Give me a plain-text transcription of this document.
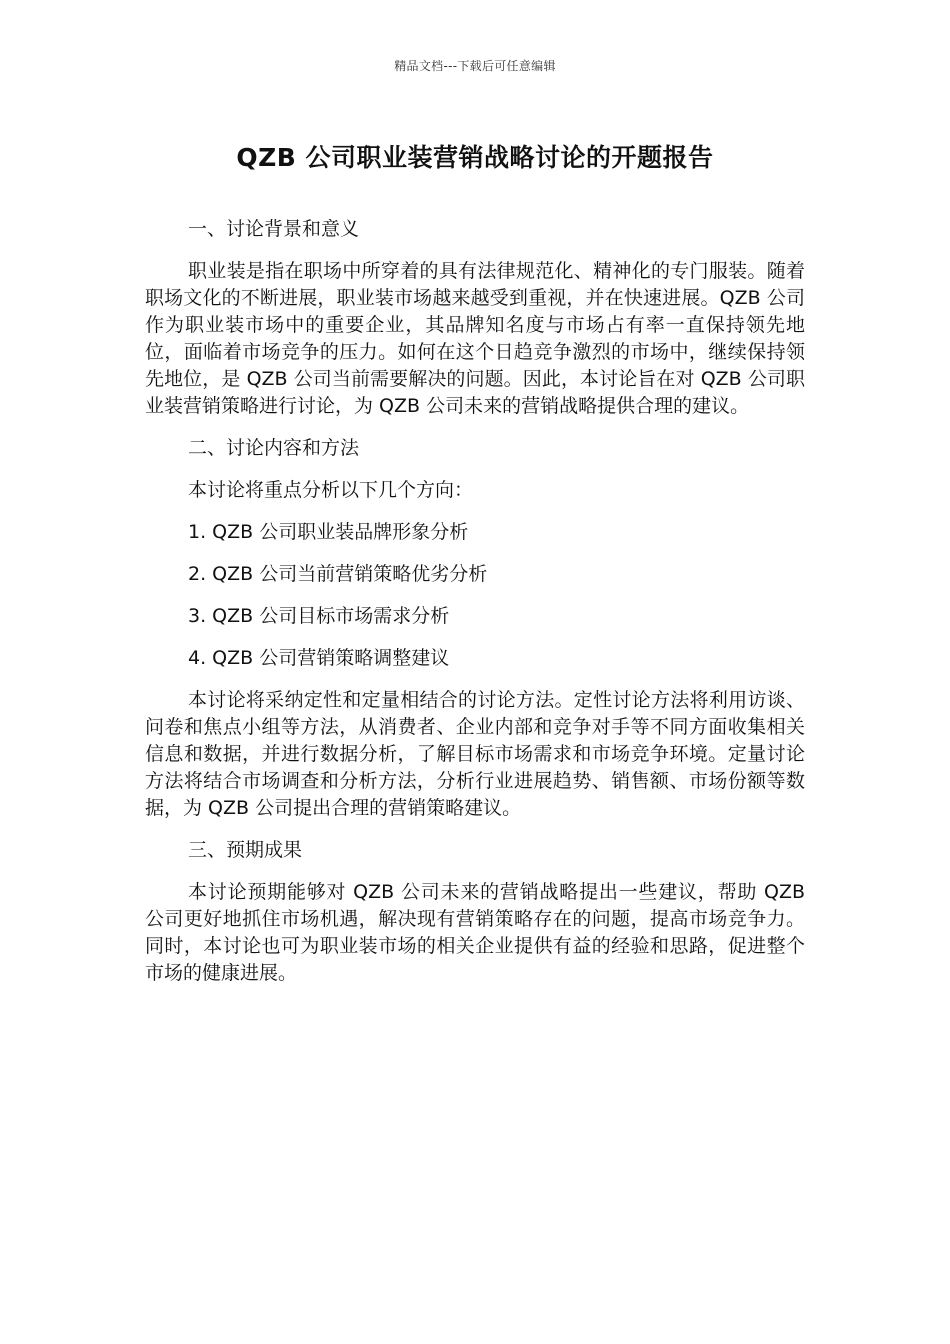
精品文档---下载后可任意编辑
QZB 公司职业装营销战略讨论的开题报告

一、讨论背景和意义

职业装是指在职场中所穿着的具有法律规范化、精神化的专门服装。随着职场文化的不断进展，职业装市场越来越受到重视，并在快速进展。QZB 公司作为职业装市场中的重要企业，其品牌知名度与市场占有率一直保持领先地位，面临着市场竞争的压力。如何在这个日趋竞争激烈的市场中，继续保持领先地位，是 QZB 公司当前需要解决的问题。因此，本讨论旨在对 QZB 公司职业装营销策略进行讨论，为 QZB 公司未来的营销战略提供合理的建议。

二、讨论内容和方法

本讨论将重点分析以下几个方向：

1. QZB 公司职业装品牌形象分析

2. QZB 公司当前营销策略优劣分析

3. QZB 公司目标市场需求分析

4. QZB 公司营销策略调整建议

本讨论将采纳定性和定量相结合的讨论方法。定性讨论方法将利用访谈、问卷和焦点小组等方法，从消费者、企业内部和竞争对手等不同方面收集相关信息和数据，并进行数据分析，了解目标市场需求和市场竞争环境。定量讨论方法将结合市场调查和分析方法，分析行业进展趋势、销售额、市场份额等数据，为 QZB 公司提出合理的营销策略建议。

三、预期成果

本讨论预期能够对 QZB 公司未来的营销战略提出一些建议，帮助 QZB 公司更好地抓住市场机遇，解决现有营销策略存在的问题，提高市场竞争力。同时，本讨论也可为职业装市场的相关企业提供有益的经验和思路，促进整个市场的健康进展。
